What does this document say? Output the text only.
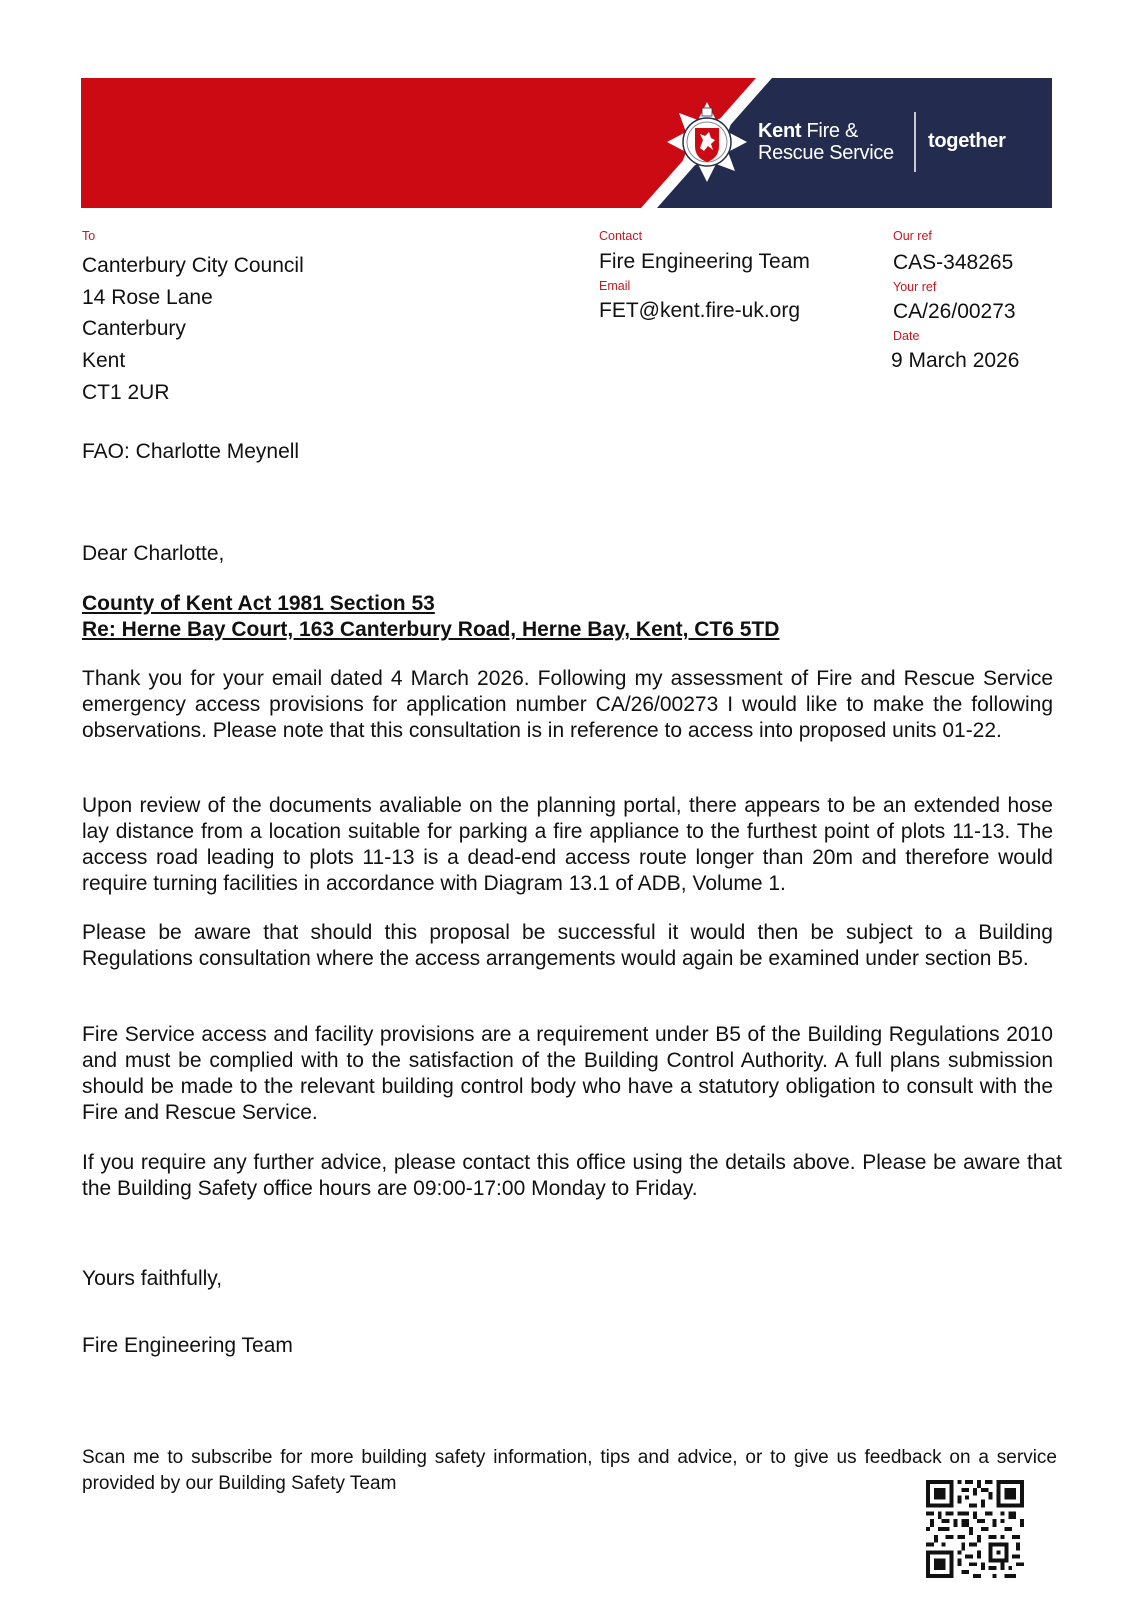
Kent Fire &
Rescue Service
together
To
Canterbury City Council
14 Rose Lane
Canterbury
Kent
CT1 2UR
Contact
Fire Engineering Team
Email
FET@kent.fire-uk.org
Our ref
CAS-348265
Your ref
CA/26/00273
Date
9 March 2026
FAO: Charlotte Meynell
Dear Charlotte,
County of Kent Act 1981 Section 53
Re: Herne Bay Court, 163 Canterbury Road, Herne Bay, Kent, CT6 5TD
Thank you for your email dated 4 March 2026. Following my assessment of Fire and Rescue Service emergency access provisions for application number CA/26/00273 I would like to make the following observations. Please note that this consultation is in reference to access into proposed units 01-22.
Upon review of the documents avaliable on the planning portal, there appears to be an extended hose lay distance from a location suitable for parking a fire appliance to the furthest point of plots 11-13. The access road leading to plots 11-13 is a dead-end access route longer than 20m and therefore would require turning facilities in accordance with Diagram 13.1 of ADB, Volume 1.
Please be aware that should this proposal be successful it would then be subject to a Building Regulations consultation where the access arrangements would again be examined under section B5.
Fire Service access and facility provisions are a requirement under B5 of the Building Regulations 2010 and must be complied with to the satisfaction of the Building Control Authority. A full plans submission should be made to the relevant building control body who have a statutory obligation to consult with the Fire and Rescue Service.
If you require any further advice, please contact this office using the details above. Please be aware that the Building Safety office hours are 09:00-17:00 Monday to Friday.
Yours faithfully,
Fire Engineering Team
Scan me to subscribe for more building safety information, tips and advice, or to give us feedback on a service provided by our Building Safety Team
